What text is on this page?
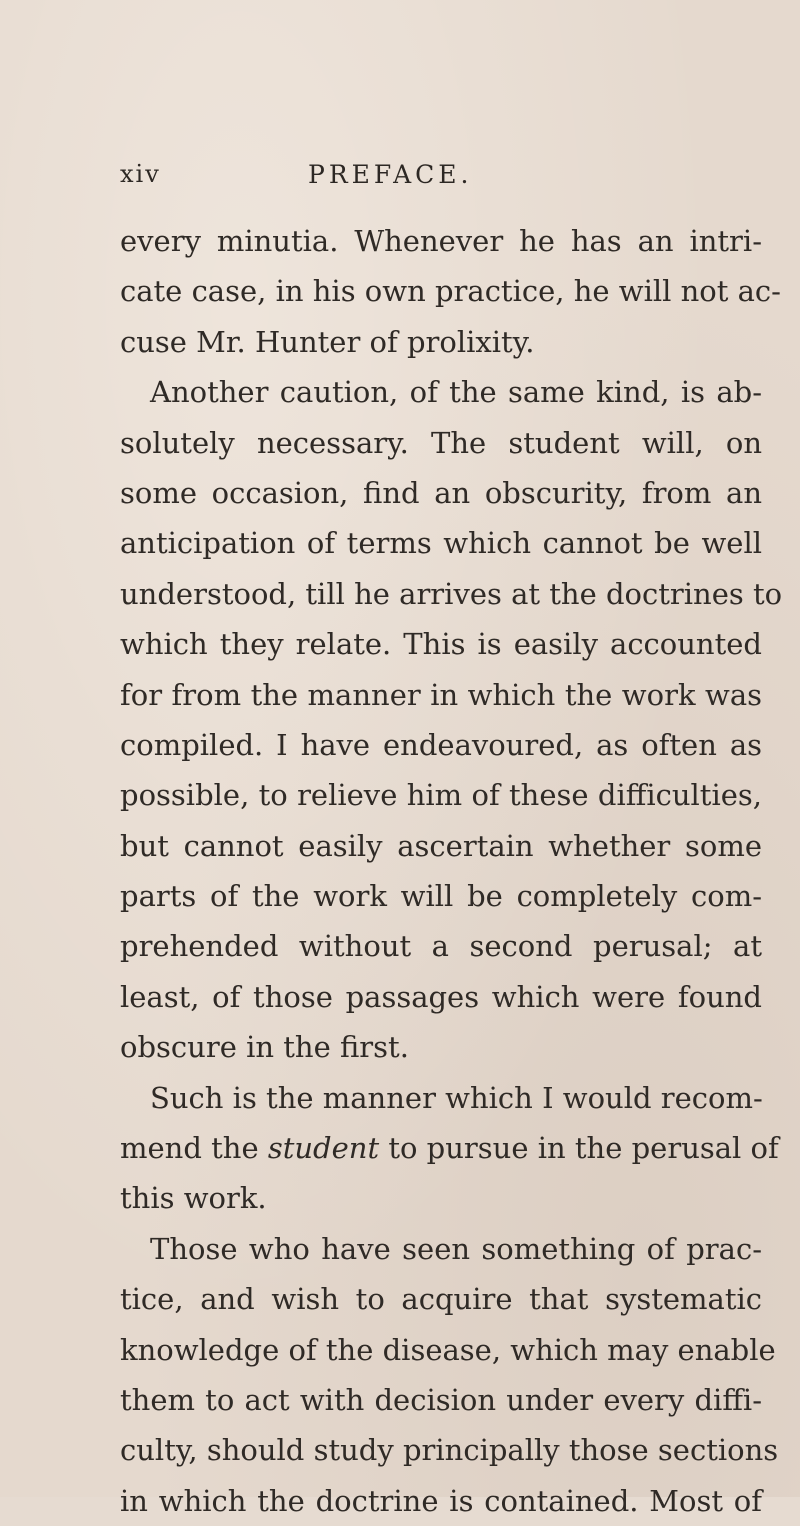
xiv	PREFACE.
every minutia. Whenever he has an intri-
cate case, in his own practice, he will not ac-
cuse Mr. Hunter of prolixity.
Another caution, of the same kind, is ab-
solutely necessary. The student will, on
some occasion, find an obscurity, from an
anticipation of terms which cannot be well
understood, till he arrives at the doctrines to
which they relate. This is easily accounted
for from the manner in which the work was
compiled. I have endeavoured, as often as
possible, to relieve him of these difficulties,
but cannot easily ascertain whether some
parts of the work will be completely com-
prehended without a second perusal; at
least, of those passages which were found
obscure in the first.
Such is the manner which I would recom-
mend the student to pursue in the perusal of
this work.
Those who have seen something of prac-
tice, and wish to acquire that systematic
knowledge of the disease, which may enable
them to act with decision under every diffi-
culty, should study principally those sections
in which the doctrine is contained. Most of
